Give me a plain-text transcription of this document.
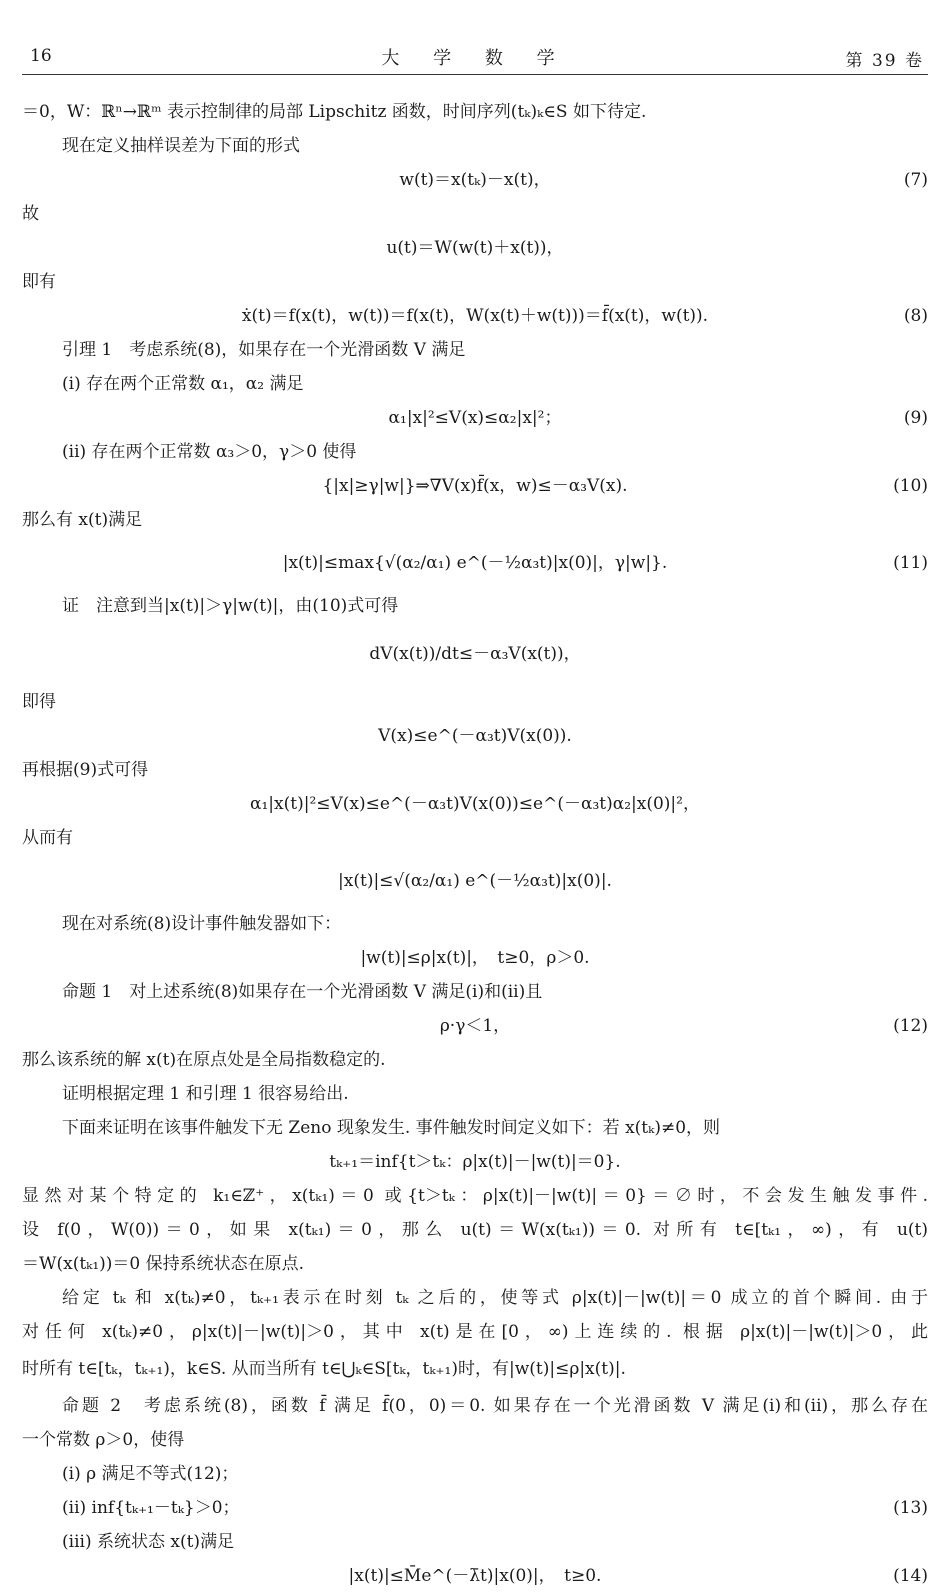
16	大 学 数 学	第 39 卷
＝0，W：ℝⁿ→ℝᵐ 表示控制律的局部 Lipschitz 函数，时间序列(tₖ)ₖ∈S 如下待定.
现在定义抽样误差为下面的形式
w(t)＝x(tₖ)－x(t)，	(7)
故
u(t)＝W(w(t)＋x(t))，
即有
ẋ(t)＝f(x(t)，w(t))＝f(x(t)，W(x(t)＋w(t)))＝f̄(x(t)，w(t)).	(8)
引理 1　考虑系统(8)，如果存在一个光滑函数 V 满足
(i) 存在两个正常数 α₁，α₂ 满足
α₁|x|²≤V(x)≤α₂|x|²；	(9)
(ii) 存在两个正常数 α₃＞0，γ＞0 使得
{|x|≥γ|w|}⇒∇V(x)f̄(x，w)≤－α₃V(x).	(10)
那么有 x(t)满足
|x(t)|≤max{√(α₂/α₁) e^(－½α₃t)|x(0)|，γ|w|}.	(11)
证　注意到当|x(t)|＞γ|w(t)|，由(10)式可得
dV(x(t))/dt≤－α₃V(x(t))，
即得
V(x)≤e^(－α₃t)V(x(0)).
再根据(9)式可得
α₁|x(t)|²≤V(x)≤e^(－α₃t)V(x(0))≤e^(－α₃t)α₂|x(0)|²，
从而有
|x(t)|≤√(α₂/α₁) e^(－½α₃t)|x(0)|.
现在对系统(8)设计事件触发器如下：
|w(t)|≤ρ|x(t)|，　t≥0，ρ＞0.
命题 1　对上述系统(8)如果存在一个光滑函数 V 满足(i)和(ii)且
ρ·γ＜1，	(12)
那么该系统的解 x(t)在原点处是全局指数稳定的.
证明根据定理 1 和引理 1 很容易给出.
下面来证明在该事件触发下无 Zeno 现象发生. 事件触发时间定义如下：若 x(tₖ)≠0，则
tₖ₊₁＝inf{t＞tₖ：ρ|x(t)|－|w(t)|＝0}.
显然对某个特定的 k₁∈ℤ⁺，x(tₖ₁)＝0 或{t＞tₖ：ρ|x(t)|－|w(t)|＝0}＝∅时，不会发生触发事件.
设 f(0，W(0))＝0，如果 x(tₖ₁)＝0，那么 u(t)＝W(x(tₖ₁))＝0. 对所有 t∈[tₖ₁，∞)，有 u(t)
＝W(x(tₖ₁))＝0 保持系统状态在原点.
给定 tₖ 和 x(tₖ)≠0，tₖ₊₁表示在时刻 tₖ 之后的，使等式 ρ|x(t)|－|w(t)|＝0 成立的首个瞬间. 由于
对任何 x(tₖ)≠0，ρ|x(t)|－|w(t)|＞0，其中 x(t)是在[0，∞)上连续的. 根据 ρ|x(t)|－|w(t)|＞0，此
时所有 t∈[tₖ，tₖ₊₁)，k∈S. 从而当所有 t∈⋃ₖ∈S[tₖ，tₖ₊₁)时，有|w(t)|≤ρ|x(t)|.
命题 2　考虑系统(8)，函数 f̄ 满足 f̄(0，0)＝0. 如果存在一个光滑函数 V 满足(i)和(ii)，那么存在
一个常数 ρ＞0，使得
(i) ρ 满足不等式(12)；
(ii) inf{tₖ₊₁－tₖ}＞0；	(13)
(iii) 系统状态 x(t)满足
|x(t)|≤M̄e^(－λ̄t)|x(0)|，　t≥0.	(14)
